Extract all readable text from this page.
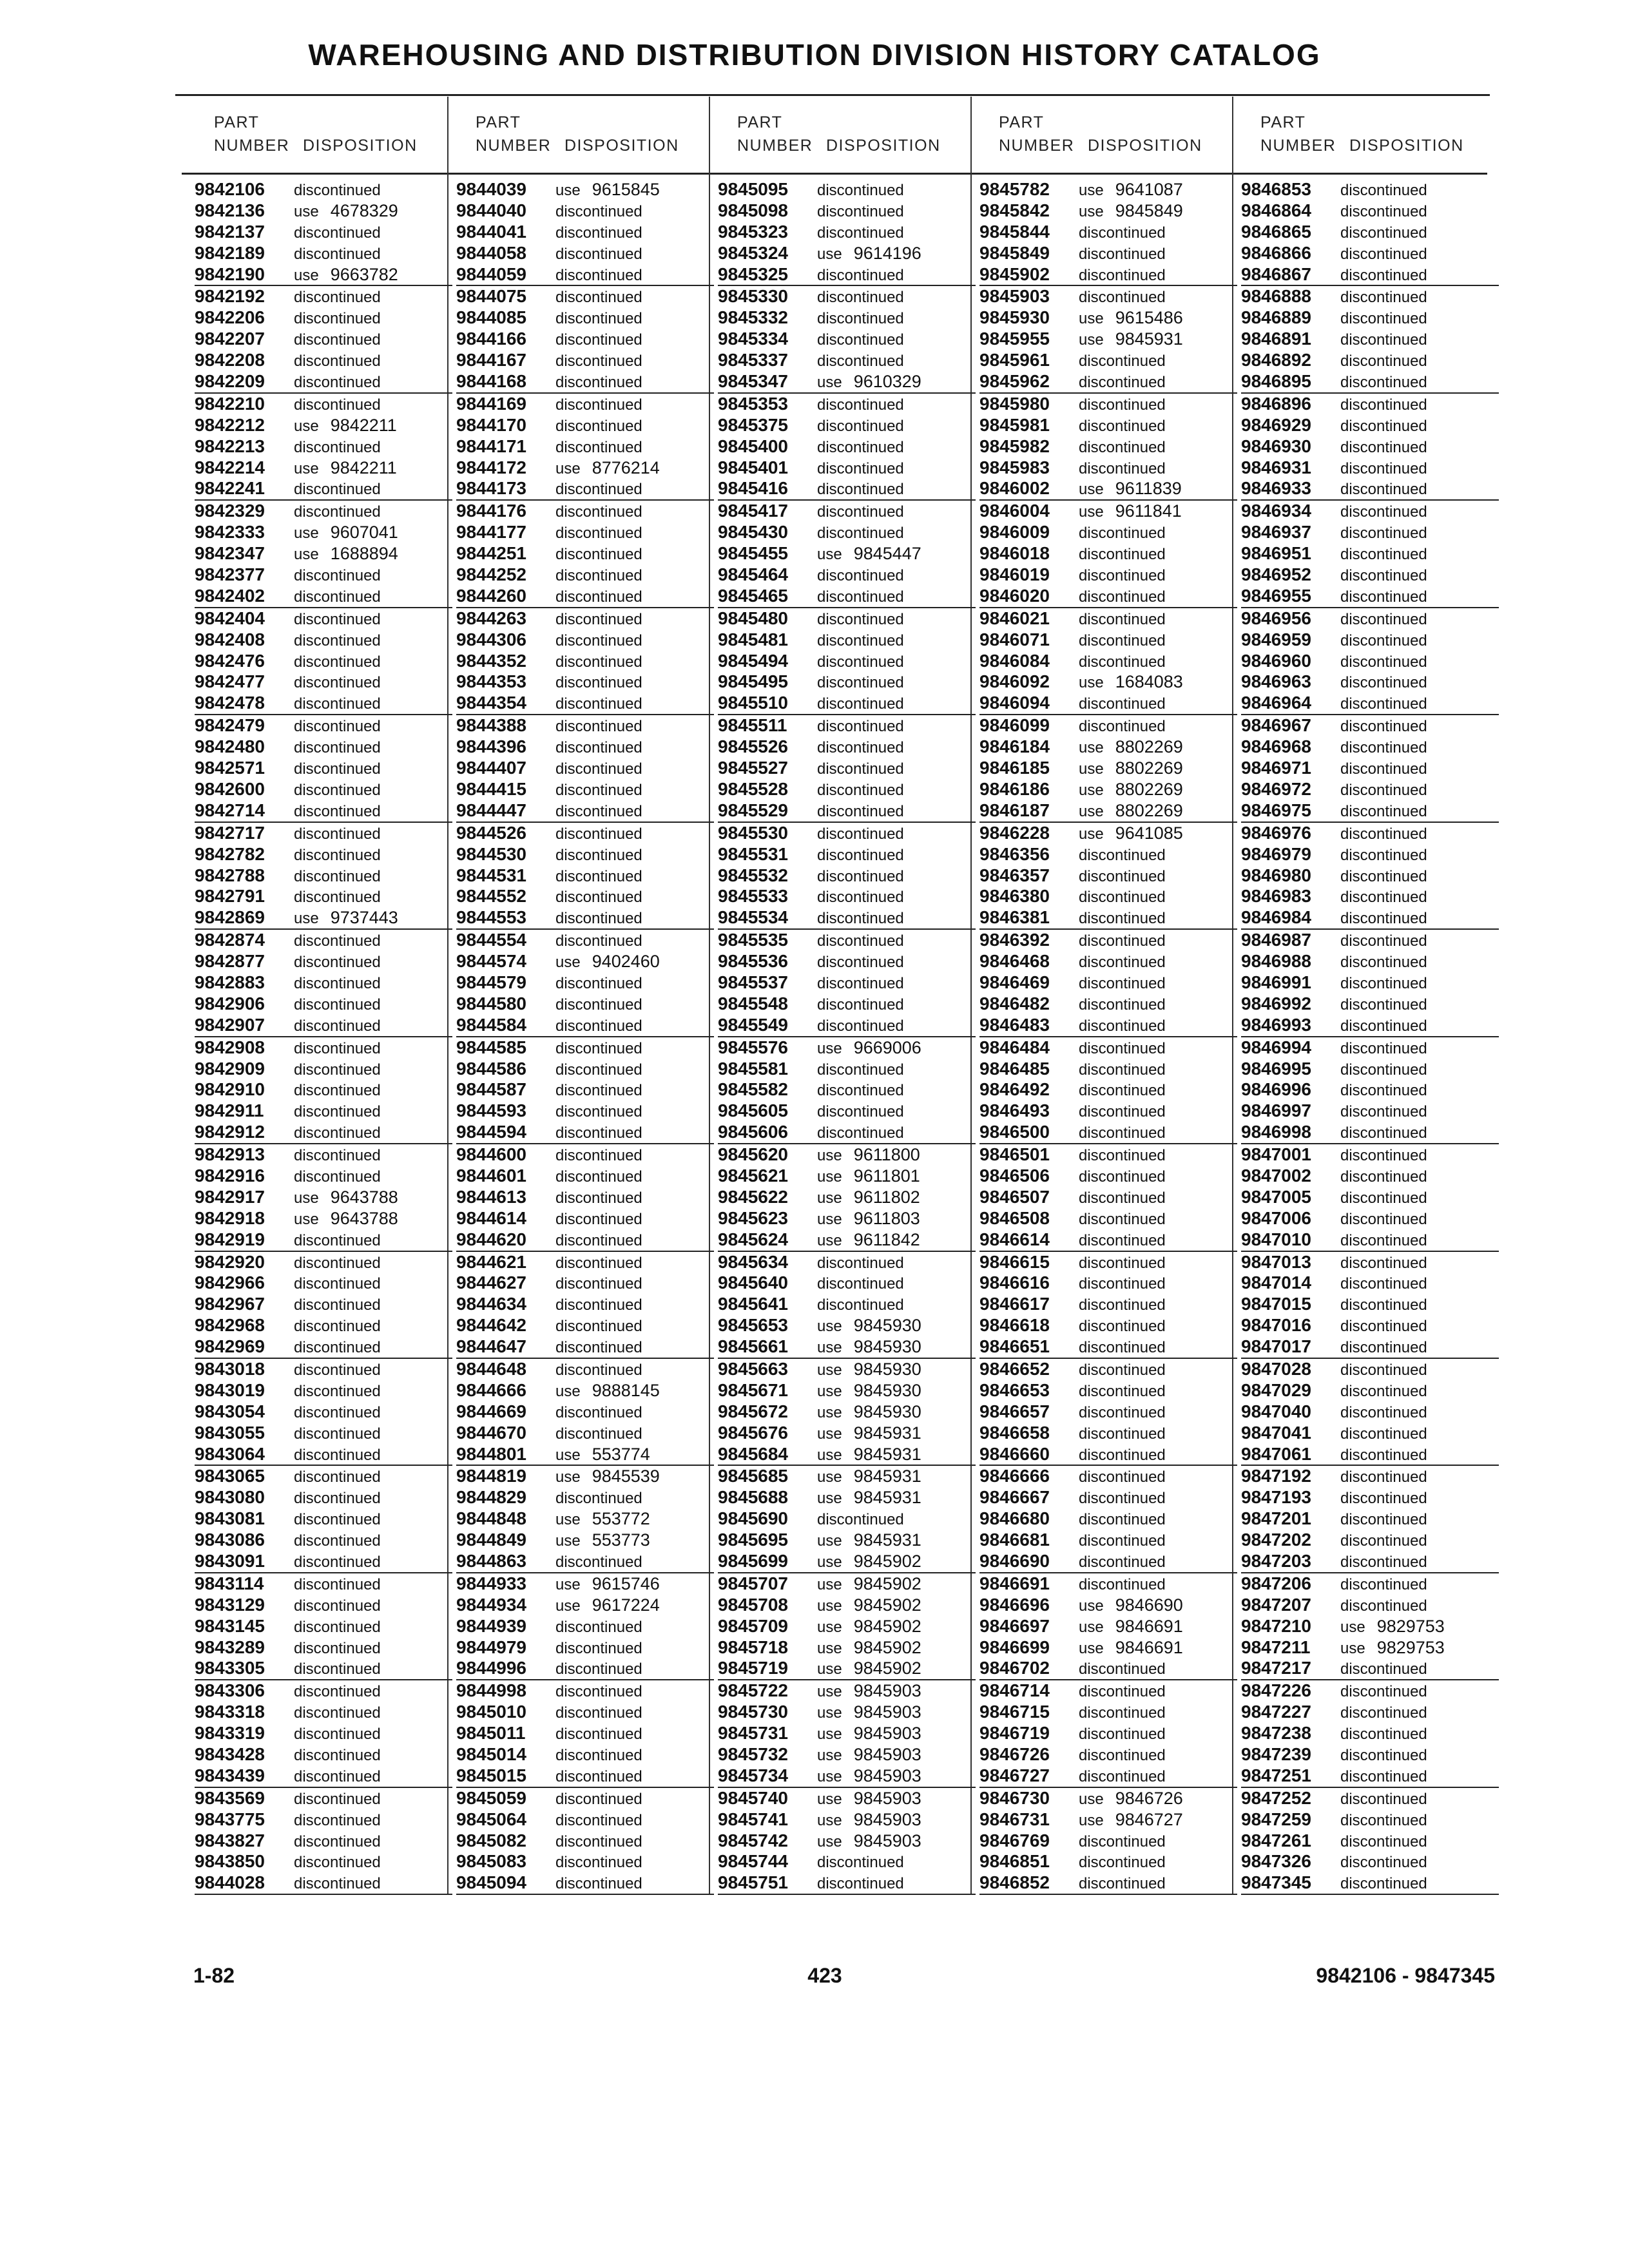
WAREHOUSING AND DISTRIBUTION DIVISION HISTORY CATALOG
PART
NUMBER DISPOSITION
PART
NUMBER DISPOSITION
PART
NUMBER DISPOSITION
PART
NUMBER DISPOSITION
PART
NUMBER DISPOSITION
9842106 discontinued
9842136 use 4678329
9842137 discontinued
9842189 discontinued
9842190 use 9663782
9842192 discontinued
9842206 discontinued
9842207 discontinued
9842208 discontinued
9842209 discontinued
9842210 discontinued
9842212 use 9842211
9842213 discontinued
9842214 use 9842211
9842241 discontinued
9842329 discontinued
9842333 use 9607041
9842347 use 1688894
9842377 discontinued
9842402 discontinued
9842404 discontinued
9842408 discontinued
9842476 discontinued
9842477 discontinued
9842478 discontinued
9842479 discontinued
9842480 discontinued
9842571 discontinued
9842600 discontinued
9842714 discontinued
9842717 discontinued
9842782 discontinued
9842788 discontinued
9842791 discontinued
9842869 use 9737443
9842874 discontinued
9842877 discontinued
9842883 discontinued
9842906 discontinued
9842907 discontinued
9842908 discontinued
9842909 discontinued
9842910 discontinued
9842911 discontinued
9842912 discontinued
9842913 discontinued
9842916 discontinued
9842917 use 9643788
9842918 use 9643788
9842919 discontinued
9842920 discontinued
9842966 discontinued
9842967 discontinued
9842968 discontinued
9842969 discontinued
9843018 discontinued
9843019 discontinued
9843054 discontinued
9843055 discontinued
9843064 discontinued
9843065 discontinued
9843080 discontinued
9843081 discontinued
9843086 discontinued
9843091 discontinued
9843114 discontinued
9843129 discontinued
9843145 discontinued
9843289 discontinued
9843305 discontinued
9843306 discontinued
9843318 discontinued
9843319 discontinued
9843428 discontinued
9843439 discontinued
9843569 discontinued
9843775 discontinued
9843827 discontinued
9843850 discontinued
9844028 discontinued
9844039 use 9615845
9844040 discontinued
9844041 discontinued
9844058 discontinued
9844059 discontinued
9844075 discontinued
9844085 discontinued
9844166 discontinued
9844167 discontinued
9844168 discontinued
9844169 discontinued
9844170 discontinued
9844171 discontinued
9844172 use 8776214
9844173 discontinued
9844176 discontinued
9844177 discontinued
9844251 discontinued
9844252 discontinued
9844260 discontinued
9844263 discontinued
9844306 discontinued
9844352 discontinued
9844353 discontinued
9844354 discontinued
9844388 discontinued
9844396 discontinued
9844407 discontinued
9844415 discontinued
9844447 discontinued
9844526 discontinued
9844530 discontinued
9844531 discontinued
9844552 discontinued
9844553 discontinued
9844554 discontinued
9844574 use 9402460
9844579 discontinued
9844580 discontinued
9844584 discontinued
9844585 discontinued
9844586 discontinued
9844587 discontinued
9844593 discontinued
9844594 discontinued
9844600 discontinued
9844601 discontinued
9844613 discontinued
9844614 discontinued
9844620 discontinued
9844621 discontinued
9844627 discontinued
9844634 discontinued
9844642 discontinued
9844647 discontinued
9844648 discontinued
9844666 use 9888145
9844669 discontinued
9844670 discontinued
9844801 use 553774
9844819 use 9845539
9844829 discontinued
9844848 use 553772
9844849 use 553773
9844863 discontinued
9844933 use 9615746
9844934 use 9617224
9844939 discontinued
9844979 discontinued
9844996 discontinued
9844998 discontinued
9845010 discontinued
9845011 discontinued
9845014 discontinued
9845015 discontinued
9845059 discontinued
9845064 discontinued
9845082 discontinued
9845083 discontinued
9845094 discontinued
9845095 discontinued
9845098 discontinued
9845323 discontinued
9845324 use 9614196
9845325 discontinued
9845330 discontinued
9845332 discontinued
9845334 discontinued
9845337 discontinued
9845347 use 9610329
9845353 discontinued
9845375 discontinued
9845400 discontinued
9845401 discontinued
9845416 discontinued
9845417 discontinued
9845430 discontinued
9845455 use 9845447
9845464 discontinued
9845465 discontinued
9845480 discontinued
9845481 discontinued
9845494 discontinued
9845495 discontinued
9845510 discontinued
9845511 discontinued
9845526 discontinued
9845527 discontinued
9845528 discontinued
9845529 discontinued
9845530 discontinued
9845531 discontinued
9845532 discontinued
9845533 discontinued
9845534 discontinued
9845535 discontinued
9845536 discontinued
9845537 discontinued
9845548 discontinued
9845549 discontinued
9845576 use 9669006
9845581 discontinued
9845582 discontinued
9845605 discontinued
9845606 discontinued
9845620 use 9611800
9845621 use 9611801
9845622 use 9611802
9845623 use 9611803
9845624 use 9611842
9845634 discontinued
9845640 discontinued
9845641 discontinued
9845653 use 9845930
9845661 use 9845930
9845663 use 9845930
9845671 use 9845930
9845672 use 9845930
9845676 use 9845931
9845684 use 9845931
9845685 use 9845931
9845688 use 9845931
9845690 discontinued
9845695 use 9845931
9845699 use 9845902
9845707 use 9845902
9845708 use 9845902
9845709 use 9845902
9845718 use 9845902
9845719 use 9845902
9845722 use 9845903
9845730 use 9845903
9845731 use 9845903
9845732 use 9845903
9845734 use 9845903
9845740 use 9845903
9845741 use 9845903
9845742 use 9845903
9845744 discontinued
9845751 discontinued
9845782 use 9641087
9845842 use 9845849
9845844 discontinued
9845849 discontinued
9845902 discontinued
9845903 discontinued
9845930 use 9615486
9845955 use 9845931
9845961 discontinued
9845962 discontinued
9845980 discontinued
9845981 discontinued
9845982 discontinued
9845983 discontinued
9846002 use 9611839
9846004 use 9611841
9846009 discontinued
9846018 discontinued
9846019 discontinued
9846020 discontinued
9846021 discontinued
9846071 discontinued
9846084 discontinued
9846092 use 1684083
9846094 discontinued
9846099 discontinued
9846184 use 8802269
9846185 use 8802269
9846186 use 8802269
9846187 use 8802269
9846228 use 9641085
9846356 discontinued
9846357 discontinued
9846380 discontinued
9846381 discontinued
9846392 discontinued
9846468 discontinued
9846469 discontinued
9846482 discontinued
9846483 discontinued
9846484 discontinued
9846485 discontinued
9846492 discontinued
9846493 discontinued
9846500 discontinued
9846501 discontinued
9846506 discontinued
9846507 discontinued
9846508 discontinued
9846614 discontinued
9846615 discontinued
9846616 discontinued
9846617 discontinued
9846618 discontinued
9846651 discontinued
9846652 discontinued
9846653 discontinued
9846657 discontinued
9846658 discontinued
9846660 discontinued
9846666 discontinued
9846667 discontinued
9846680 discontinued
9846681 discontinued
9846690 discontinued
9846691 discontinued
9846696 use 9846690
9846697 use 9846691
9846699 use 9846691
9846702 discontinued
9846714 discontinued
9846715 discontinued
9846719 discontinued
9846726 discontinued
9846727 discontinued
9846730 use 9846726
9846731 use 9846727
9846769 discontinued
9846851 discontinued
9846852 discontinued
9846853 discontinued
9846864 discontinued
9846865 discontinued
9846866 discontinued
9846867 discontinued
9846888 discontinued
9846889 discontinued
9846891 discontinued
9846892 discontinued
9846895 discontinued
9846896 discontinued
9846929 discontinued
9846930 discontinued
9846931 discontinued
9846933 discontinued
9846934 discontinued
9846937 discontinued
9846951 discontinued
9846952 discontinued
9846955 discontinued
9846956 discontinued
9846959 discontinued
9846960 discontinued
9846963 discontinued
9846964 discontinued
9846967 discontinued
9846968 discontinued
9846971 discontinued
9846972 discontinued
9846975 discontinued
9846976 discontinued
9846979 discontinued
9846980 discontinued
9846983 discontinued
9846984 discontinued
9846987 discontinued
9846988 discontinued
9846991 discontinued
9846992 discontinued
9846993 discontinued
9846994 discontinued
9846995 discontinued
9846996 discontinued
9846997 discontinued
9846998 discontinued
9847001 discontinued
9847002 discontinued
9847005 discontinued
9847006 discontinued
9847010 discontinued
9847013 discontinued
9847014 discontinued
9847015 discontinued
9847016 discontinued
9847017 discontinued
9847028 discontinued
9847029 discontinued
9847040 discontinued
9847041 discontinued
9847061 discontinued
9847192 discontinued
9847193 discontinued
9847201 discontinued
9847202 discontinued
9847203 discontinued
9847206 discontinued
9847207 discontinued
9847210 use 9829753
9847211 use 9829753
9847217 discontinued
9847226 discontinued
9847227 discontinued
9847238 discontinued
9847239 discontinued
9847251 discontinued
9847252 discontinued
9847259 discontinued
9847261 discontinued
9847326 discontinued
9847345 discontinued
1-82	423	9842106 - 9847345
